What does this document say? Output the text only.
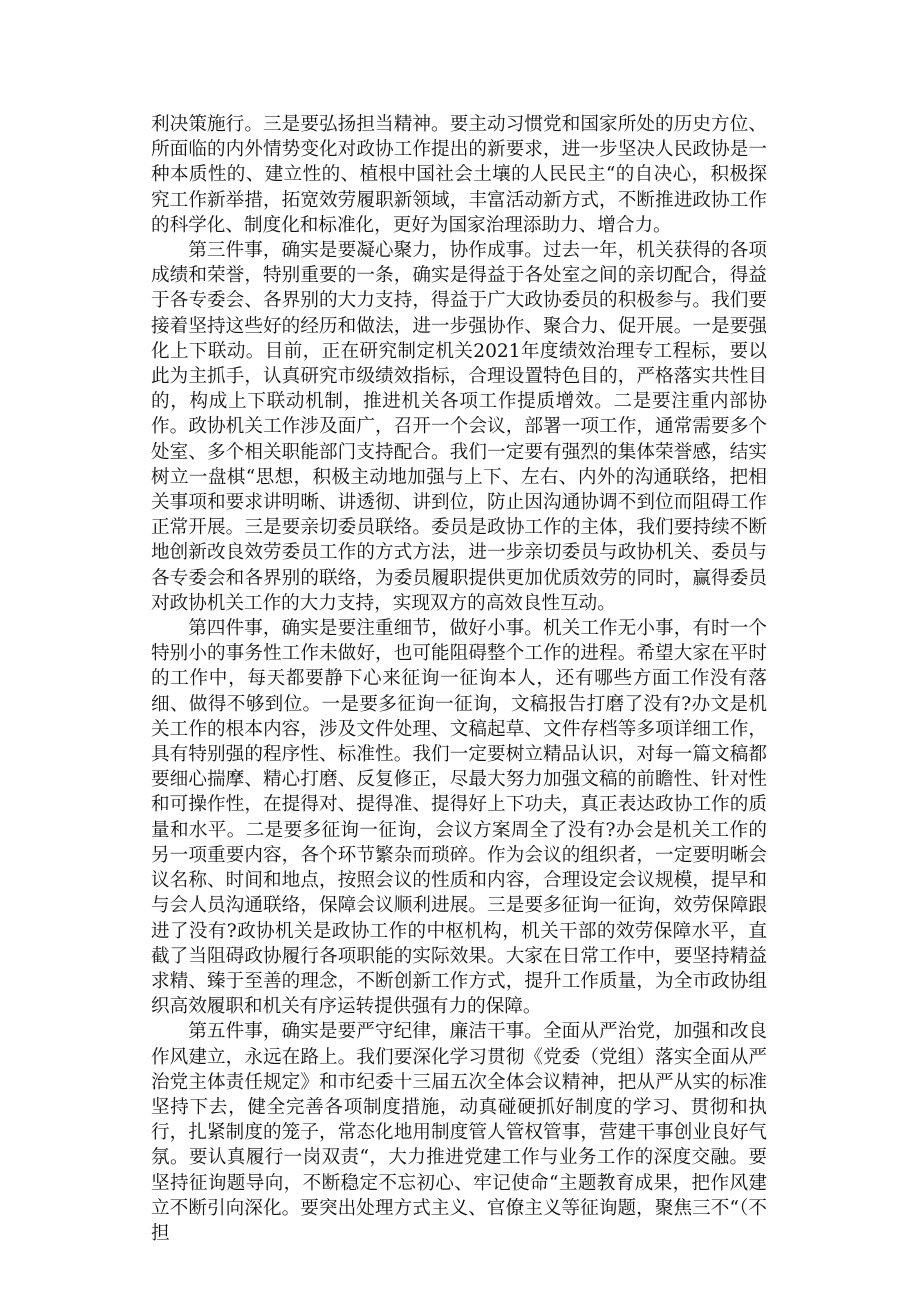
利决策施行。三是要弘扬担当精神。要主动习惯党和国家所处的历史方位、所面临的内外情势变化对政协工作提出的新要求，进一步坚决人民政协是一种本质性的、建立性的、植根中国社会土壤的人民民主“的自决心，积极探究工作新举措，拓宽效劳履职新领域，丰富活动新方式，不断推进政协工作的科学化、制度化和标准化，更好为国家治理添助力、增合力。

第三件事，确实是要凝心聚力，协作成事。过去一年，机关获得的各项成绩和荣誉，特别重要的一条，确实是得益于各处室之间的亲切配合，得益于各专委会、各界别的大力支持，得益于广大政协委员的积极参与。我们要接着坚持这些好的经历和做法，进一步强协作、聚合力、促开展。一是要强化上下联动。目前，正在研究制定机关2021年度绩效治理专工程标，要以此为主抓手，认真研究市级绩效指标，合理设置特色目的，严格落实共性目的，构成上下联动机制，推进机关各项工作提质增效。二是要注重内部协作。政协机关工作涉及面广，召开一个会议，部署一项工作，通常需要多个处室、多个相关职能部门支持配合。我们一定要有强烈的集体荣誉感，结实树立一盘棋“思想，积极主动地加强与上下、左右、内外的沟通联络，把相关事项和要求讲明晰、讲透彻、讲到位，防止因沟通协调不到位而阻碍工作正常开展。三是要亲切委员联络。委员是政协工作的主体，我们要持续不断地创新改良效劳委员工作的方式方法，进一步亲切委员与政协机关、委员与各专委会和各界别的联络，为委员履职提供更加优质效劳的同时，赢得委员对政协机关工作的大力支持，实现双方的高效良性互动。

第四件事，确实是要注重细节，做好小事。机关工作无小事，有时一个特别小的事务性工作未做好，也可能阻碍整个工作的进程。希望大家在平时的工作中，每天都要静下心来征询一征询本人，还有哪些方面工作没有落细、做得不够到位。一是要多征询一征询，文稿报告打磨了没有?办文是机关工作的根本内容，涉及文件处理、文稿起草、文件存档等多项详细工作，具有特别强的程序性、标准性。我们一定要树立精品认识，对每一篇文稿都要细心揣摩、精心打磨、反复修正，尽最大努力加强文稿的前瞻性、针对性和可操作性，在提得对、提得准、提得好上下功夫，真正表达政协工作的质量和水平。二是要多征询一征询，会议方案周全了没有?办会是机关工作的另一项重要内容，各个环节繁杂而琐碎。作为会议的组织者，一定要明晰会议名称、时间和地点，按照会议的性质和内容，合理设定会议规模，提早和与会人员沟通联络，保障会议顺利进展。三是要多征询一征询，效劳保障跟进了没有?政协机关是政协工作的中枢机构，机关干部的效劳保障水平，直截了当阻碍政协履行各项职能的实际效果。大家在日常工作中，要坚持精益求精、臻于至善的理念，不断创新工作方式，提升工作质量，为全市政协组织高效履职和机关有序运转提供强有力的保障。

第五件事，确实是要严守纪律，廉洁干事。全面从严治党，加强和改良作风建立，永远在路上。我们要深化学习贯彻《党委（党组）落实全面从严治党主体责任规定》和市纪委十三届五次全体会议精神，把从严从实的标准坚持下去，健全完善各项制度措施，动真碰硬抓好制度的学习、贯彻和执行，扎紧制度的笼子，常态化地用制度管人管权管事，营建干事创业良好气氛。要认真履行一岗双责“，大力推进党建工作与业务工作的深度交融。要坚持征询题导向，不断稳定不忘初心、牢记使命“主题教育成果，把作风建立不断引向深化。要突出处理方式主义、官僚主义等征询题，聚焦三不“（不担
